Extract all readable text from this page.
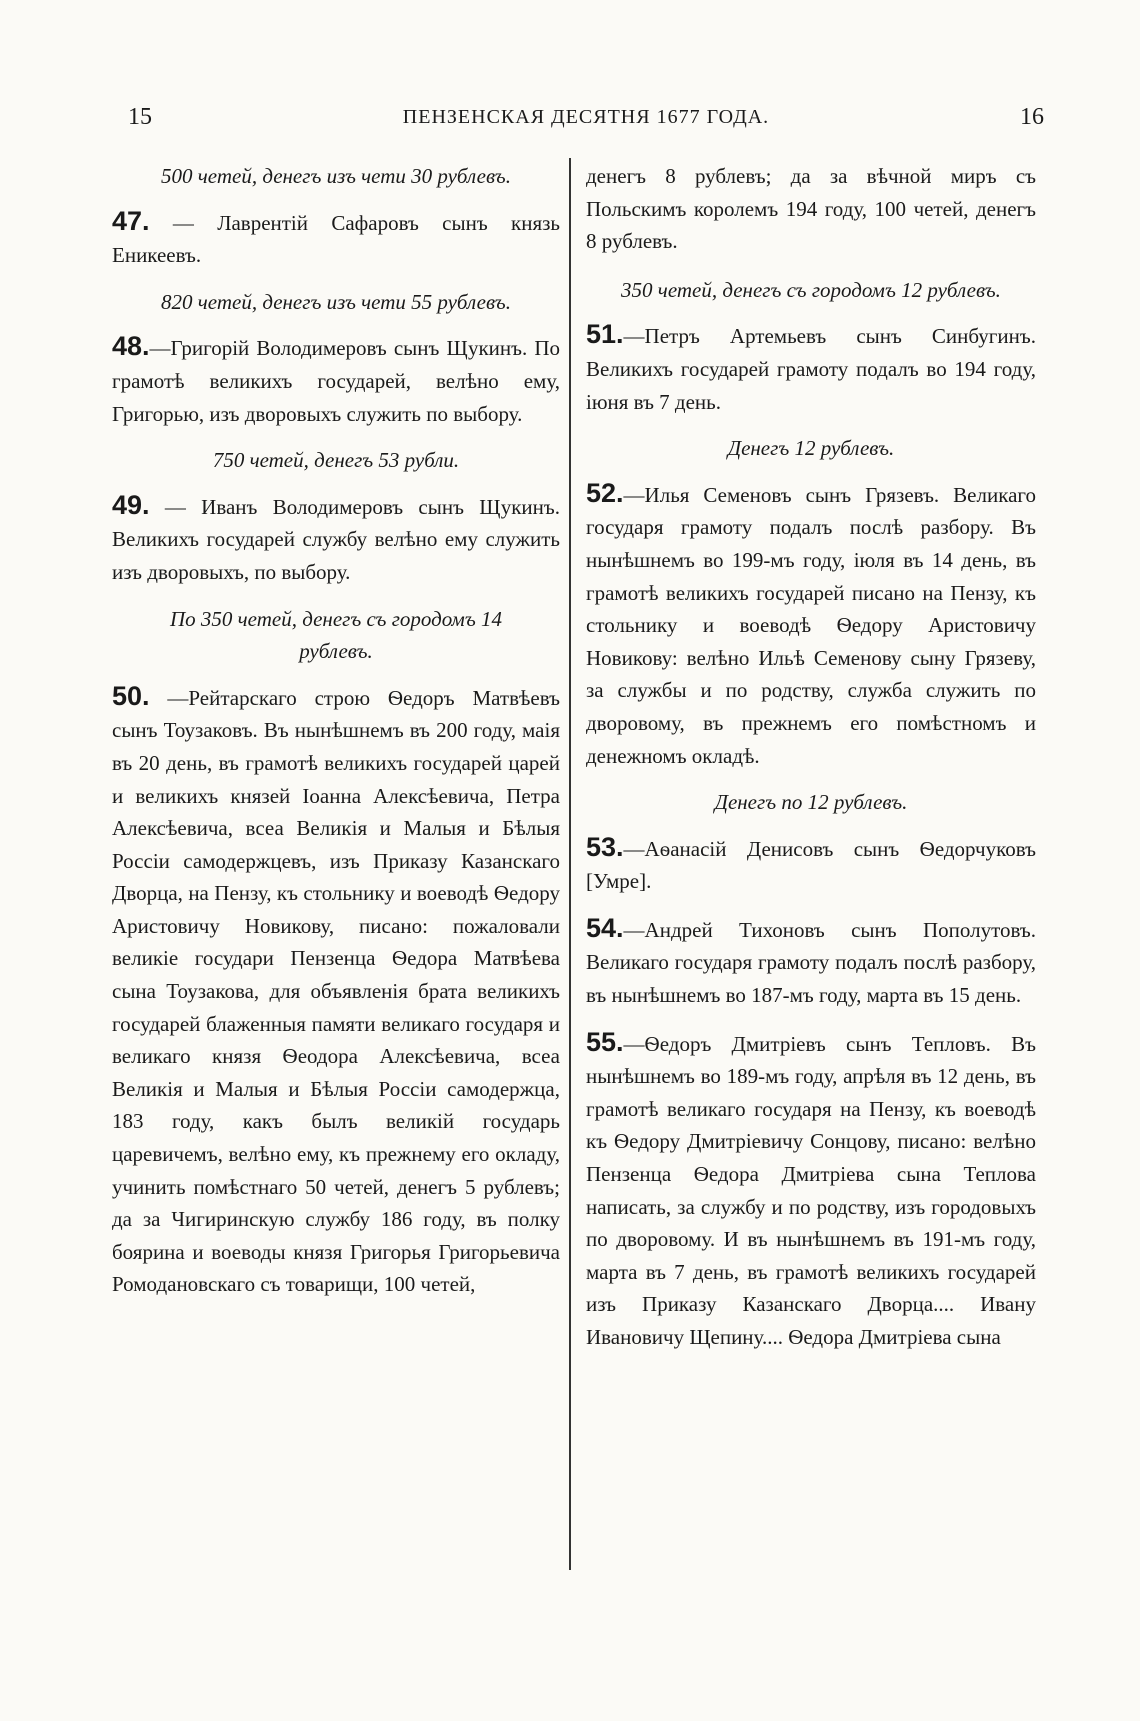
15	ПЕНЗЕНСКАЯ ДЕСЯТНЯ 1677 ГОДА.	16

500 четей, денегъ изъ чети 30 рублевъ.

47. — Лаврентій Сафаровъ сынъ князь Еникеевъ.

820 четей, денегъ изъ чети 55 рублевъ.

48.—Григорій Володимеровъ сынъ Щукинъ. По грамотѣ великихъ государей, велѣно ему, Григорью, изъ дворовыхъ служить по выбору.

750 четей, денегъ 53 рубли.

49. — Иванъ Володимеровъ сынъ Щукинъ. Великихъ государей службу велѣно ему служить изъ дворовыхъ, по выбору.

По 350 четей, денегъ съ городомъ 14 рублевъ.

50. —Рейтарскаго строю Ѳедоръ Матвѣевъ сынъ Тоузаковъ. Въ нынѣшнемъ въ 200 году, маія въ 20 день, въ грамотѣ великихъ государей царей и великихъ князей Іоанна Алексѣевича, Петра Алексѣевича, всеа Великія и Малыя и Бѣлыя Россіи самодержцевъ, изъ Приказу Казанскаго Дворца, на Пензу, къ стольнику и воеводѣ Ѳедору Аристовичу Новикову, писано: пожаловали великіе государи Пензенца Ѳедора Матвѣева сына Тоузакова, для объявленія брата великихъ государей блаженныя памяти великаго государя и великаго князя Ѳеодора Алексѣевича, всеа Великія и Малыя и Бѣлыя Россіи самодержца, 183 году, какъ былъ великій государь царевичемъ, велѣно ему, къ прежнему его окладу, учинить помѣстнаго 50 четей, денегъ 5 рублевъ; да за Чигиринскую службу 186 году, въ полку боярина и воеводы князя Григорья Григорьевича Ромодановскаго съ товарищи, 100 четей,

денегъ 8 рублевъ; да за вѣчной миръ съ Польскимъ королемъ 194 году, 100 четей, денегъ 8 рублевъ.

350 четей, денегъ съ городомъ 12 рублевъ.

51.—Петръ Артемьевъ сынъ Синбугинъ. Великихъ государей грамоту подалъ во 194 году, іюня въ 7 день.

Денегъ 12 рублевъ.

52.—Илья Семеновъ сынъ Грязевъ. Великаго государя грамоту подалъ послѣ разбору. Въ нынѣшнемъ во 199-мъ году, іюля въ 14 день, въ грамотѣ великихъ государей писано на Пензу, къ стольнику и воеводѣ Ѳедору Аристовичу Новикову: велѣно Ильѣ Семенову сыну Грязеву, за службы и по родству, служба служить по дворовому, въ прежнемъ его помѣстномъ и денежномъ окладѣ.

Денегъ по 12 рублевъ.

53.—Аѳанасій Денисовъ сынъ Ѳедорчуковъ [Умре].

54.—Андрей Тихоновъ сынъ Пополутовъ. Великаго государя грамоту подалъ послѣ разбору, въ нынѣшнемъ во 187-мъ году, марта въ 15 день.

55.—Ѳедоръ Дмитріевъ сынъ Тепловъ. Въ нынѣшнемъ во 189-мъ году, апрѣля въ 12 день, въ грамотѣ великаго государя на Пензу, къ воеводѣ къ Ѳедору Дмитріевичу Сонцову, писано: велѣно Пензенца Ѳедора Дмитріева сына Теплова написать, за службу и по родству, изъ городовыхъ по дворовому. И въ нынѣшнемъ въ 191-мъ году, марта въ 7 день, въ грамотѣ великихъ государей изъ Приказу Казанскаго Дворца.... Ивану Ивановичу Щепину.... Ѳедора Дмитріева сына
